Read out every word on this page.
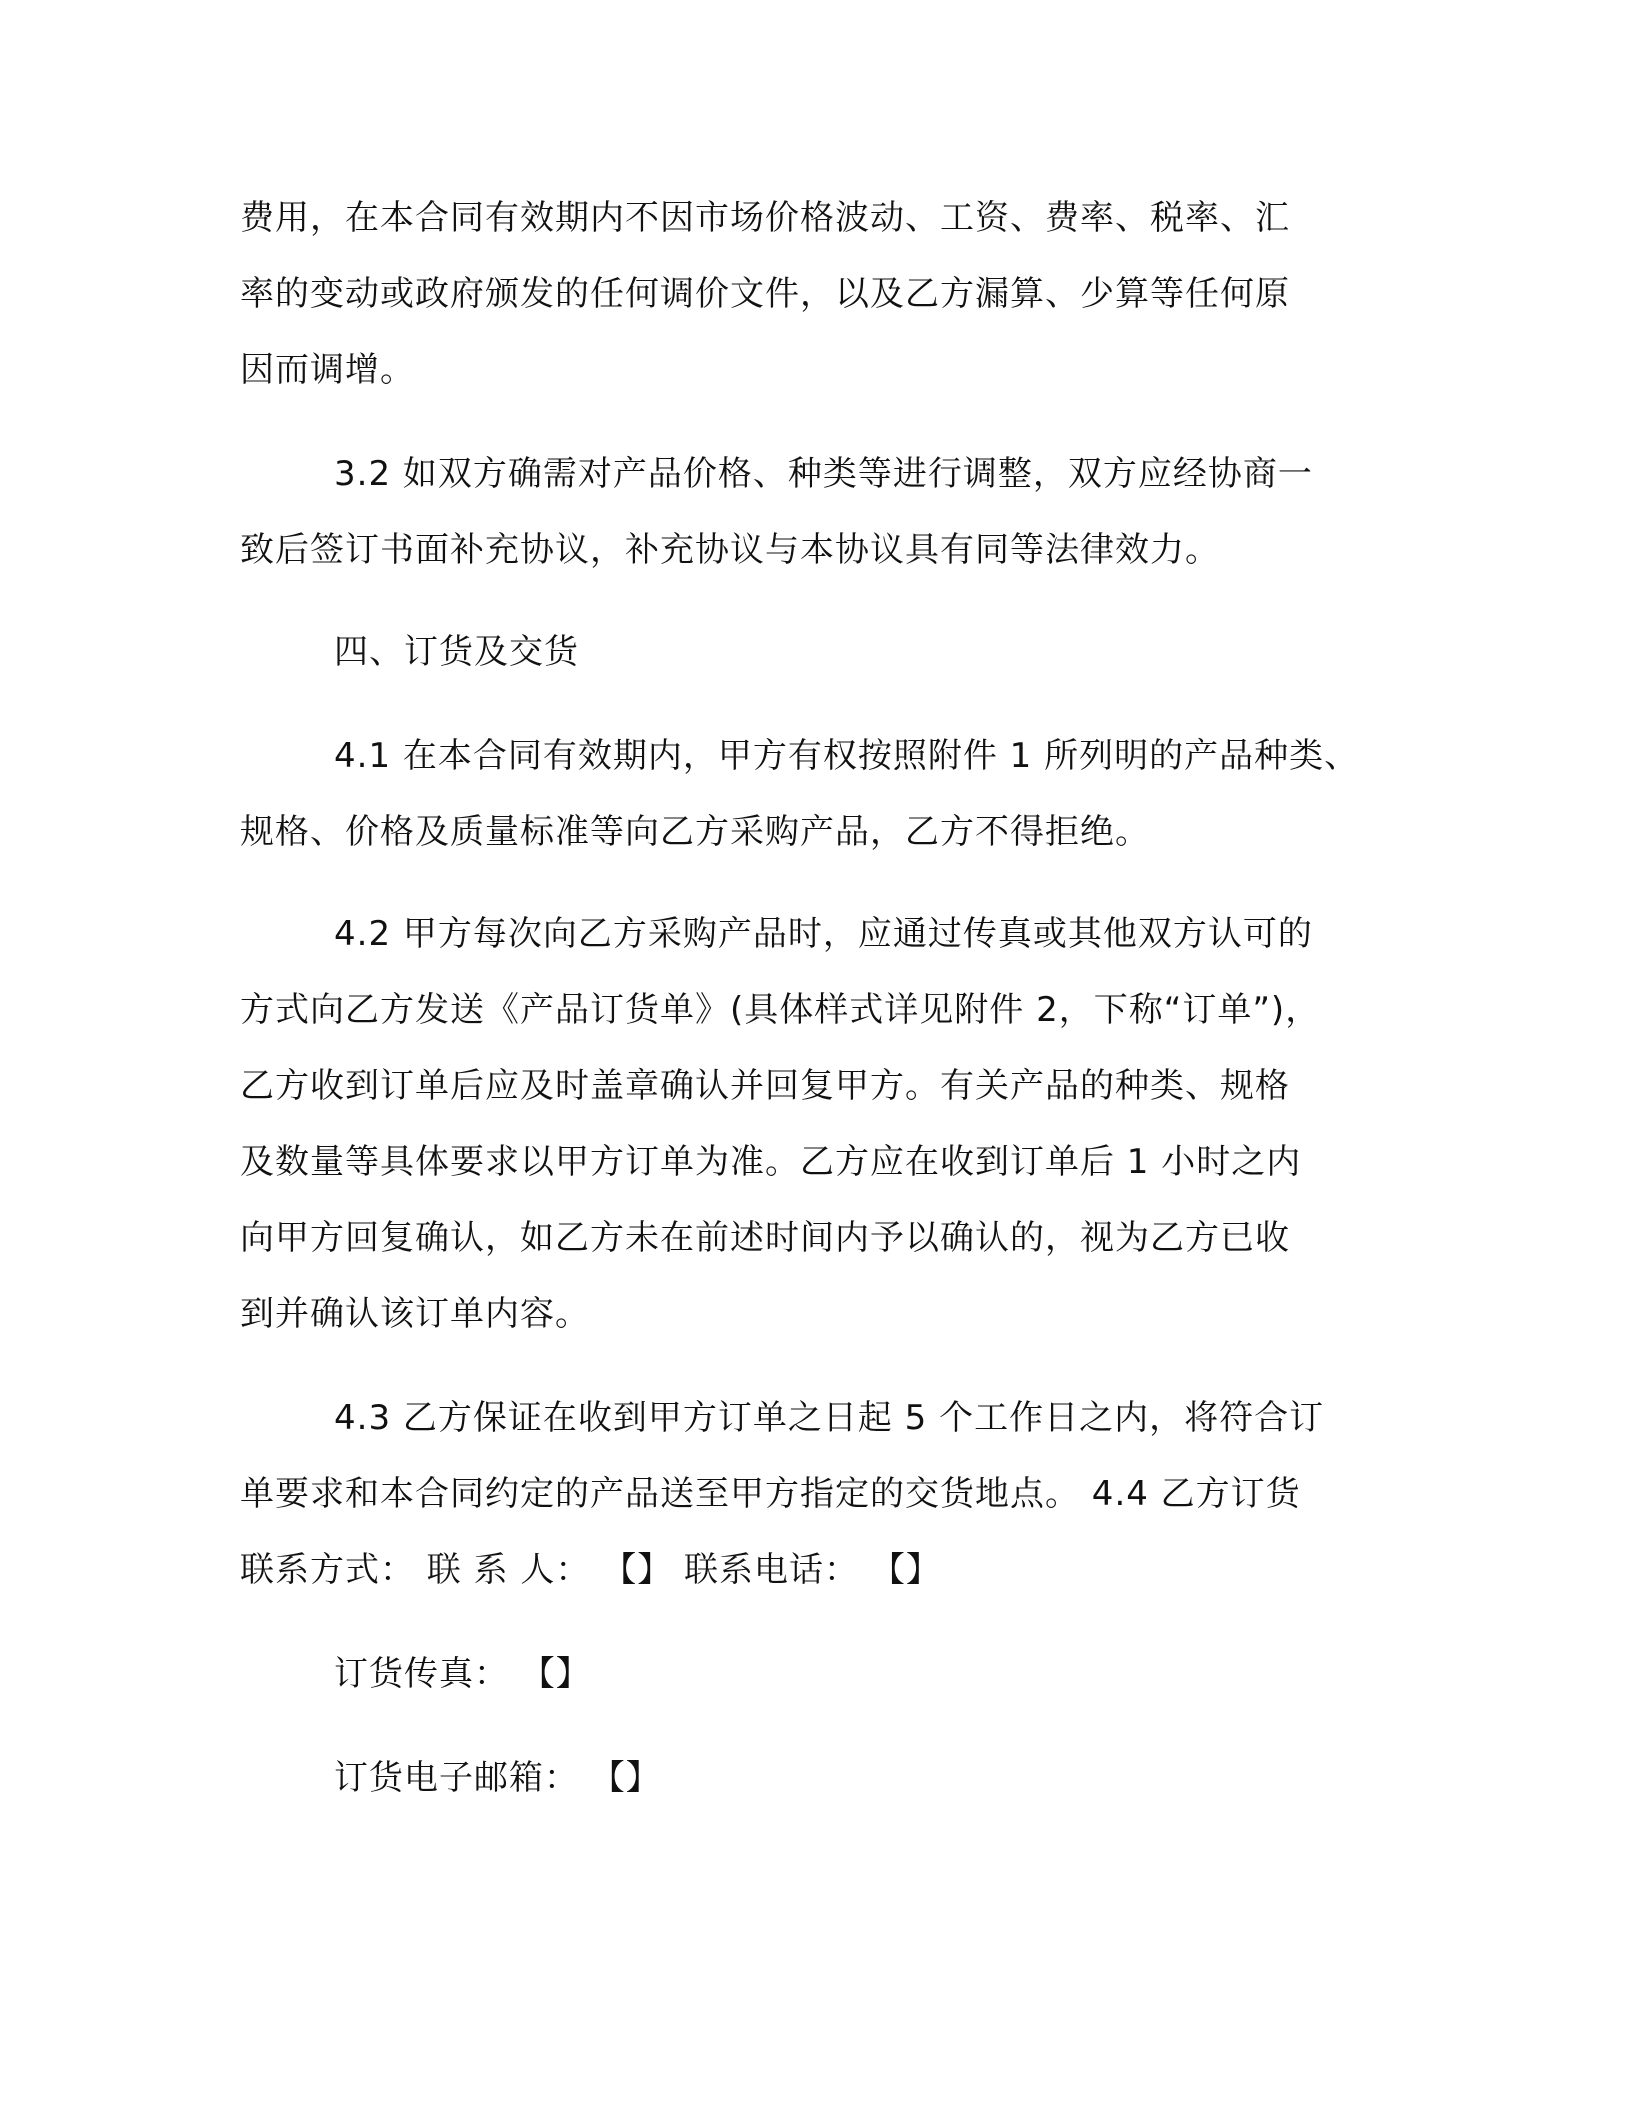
费用，在本合同有效期内不因市场价格波动、工资、费率、税率、汇
率的变动或政府颁发的任何调价文件，以及乙方漏算、少算等任何原
因而调增。
3.2 如双方确需对产品价格、种类等进行调整，双方应经协商一
致后签订书面补充协议，补充协议与本协议具有同等法律效力。
四、订货及交货
4.1 在本合同有效期内，甲方有权按照附件 1 所列明的产品种类、
规格、价格及质量标准等向乙方采购产品，乙方不得拒绝。
4.2 甲方每次向乙方采购产品时，应通过传真或其他双方认可的
方式向乙方发送《产品订货单》(具体样式详见附件 2，下称“订单”)，
乙方收到订单后应及时盖章确认并回复甲方。有关产品的种类、规格
及数量等具体要求以甲方订单为准。乙方应在收到订单后 1 小时之内
向甲方回复确认，如乙方未在前述时间内予以确认的，视为乙方已收
到并确认该订单内容。
4.3 乙方保证在收到甲方订单之日起 5 个工作日之内，将符合订
单要求和本合同约定的产品送至甲方指定的交货地点。 4.4 乙方订货
联系方式： 联 系 人： 【】 联系电话： 【】
订货传真： 【】
订货电子邮箱： 【】
